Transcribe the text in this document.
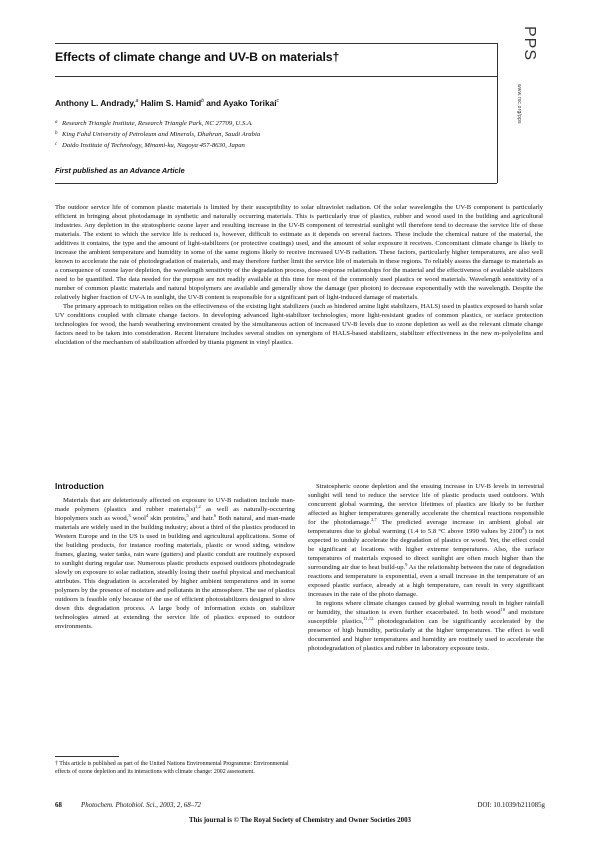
Effects of climate change and UV-B on materials†	PPS
www.rsc.org/pps
Anthony L. Andrady,$^a$ Halim S. Hamid$^b$ and Ayako Torikai$^c$
a Research Triangle Institute, Research Triangle Park, NC 27709, U.S.A.
b King Fahd University of Petroleum and Minerals, Dhahran, Saudi Arabia
c Daido Institute of Technology, Minami-ku, Nagoya 457-8630, Japan
First published as an Advance Article

The outdoor service life of common plastic materials is limited by their susceptibility to solar ultraviolet radiation. Of the solar wavelengths the UV-B component is particularly efficient in bringing about photodamage in synthetic and naturally occurring materials. This is particularly true of plastics, rubber and wood used in the building and agricultural industries. Any depletion in the stratospheric ozone layer and resulting increase in the UV-B component of terrestrial sunlight will therefore tend to decrease the service life of these materials. The extent to which the service life is reduced is, however, difficult to estimate as it depends on several factors. These include the chemical nature of the material, the additives it contains, the type and the amount of light-stabilizers (or protective coatings) used, and the amount of solar exposure it receives. Concomitant climate change is likely to increase the ambient temperature and humidity in some of the same regions likely to receive increased UV-B radiation. These factors, particularly higher temperatures, are also well known to accelerate the rate of photodegradation of materials, and may therefore further limit the service life of materials in these regions. To reliably assess the damage to materials as a consequence of ozone layer depletion, the wavelength sensitivity of the degradation process, dose-response relationships for the material and the effectiveness of available stabilizers need to be quantified. The data needed for the purpose are not readily available at this time for most of the commonly used plastics or wood materials. Wavelength sensitivity of a number of common plastic materials and natural biopolymers are available and generally show the damage (per photon) to decrease exponentially with the wavelength. Despite the relatively higher fraction of UV-A in sunlight, the UV-B content is responsible for a significant part of light-induced damage of materials.

The primary approach to mitigation relies on the effectiveness of the existing light stabilizers (such as hindered amine light stabilizers, HALS) used in plastics exposed to harsh solar UV conditions coupled with climate change factors. In developing advanced light-stabilizer technologies, more light-resistant grades of common plastics, or surface protection technologies for wood, the harsh weathering environment created by the simultaneous action of increased UV-B levels due to ozone depletion as well as the relevant climate change factors need to be taken into consideration. Recent literature includes several studies on synergism of HALS-based stabilizers, stabilizer effectiveness in the new m-polyolefins and elucidation of the mechanism of stabilization afforded by titania pigment in vinyl plastics.

Introduction

Materials that are deleteriously affected on exposure to UV-B radiation include man-made polymers (plastics and rubber materials)$^{1,2}$ as well as naturally-occurring biopolymers such as wood,$^3$ wool$^4$ skin proteins,$^5$ and hair.$^6$ Both natural, and man-made materials are widely used in the building industry; about a third of the plastics produced in Western Europe and in the US is used in building and agricultural applications. Some of the building products, for instance roofing materials, plastic or wood siding, window frames, glazing, water tanks, rain ware (gutters) and plastic conduit are routinely exposed to sunlight during regular use. Numerous plastic products exposed outdoors photodegrade slowly on exposure to solar radiation, steadily losing their useful physical and mechanical attributes. This degradation is accelerated by higher ambient temperatures and in some polymers by the presence of moisture and pollutants in the atmosphere. The use of plastics outdoors is feasible only because of the use of efficient photostabilizers designed to slow down this degradation process. A large body of information exists on stabilizer technologies aimed at extending the service life of plastics exposed to outdoor environments.

† This article is published as part of the United Nations Environmental Programme: Environmental effects of ozone depletion and its interactions with climate change: 2002 assessment.

Stratospheric ozone depletion and the ensuing increase in UV-B levels in terrestrial sunlight will tend to reduce the service life of plastic products used outdoors. With concurrent global warming, the service lifetimes of plastics are likely to be further affected as higher temperatures generally accelerate the chemical reactions responsible for the photodamage.$^{2,7}$ The predicted average increase in ambient global air temperatures due to global warming (1.4 to 5.8 °C above 1990 values by 2100$^8$) is not expected to unduly accelerate the degradation of plastics or wood. Yet, the effect could be significant at locations with higher extreme temperatures. Also, the surface temperatures of materials exposed to direct sunlight are often much higher than the surrounding air due to heat build-up.$^9$ As the relationship between the rate of degradation reactions and temperature is exponential, even a small increase in the temperature of an exposed plastic surface, already at a high temperature, can result in very significant increases in the rate of the photo damage.

In regions where climate changes caused by global warming result in higher rainfall or humidity, the situation is even further exacerbated. In both wood$^{10}$ and moisture susceptible plastics,$^{11,12}$ photodegradation can be significantly accelerated by the presence of high humidity, particularly at the higher temperatures. The effect is well documented and higher temperatures and humidity are routinely used to accelerate the photodegradation of plastics and rubber in laboratory exposure tests.

68	Photochem. Photobiol. Sci., 2003, 2, 68–72	DOI: 10.1039/b211085g
This journal is © The Royal Society of Chemistry and Owner Societies 2003
